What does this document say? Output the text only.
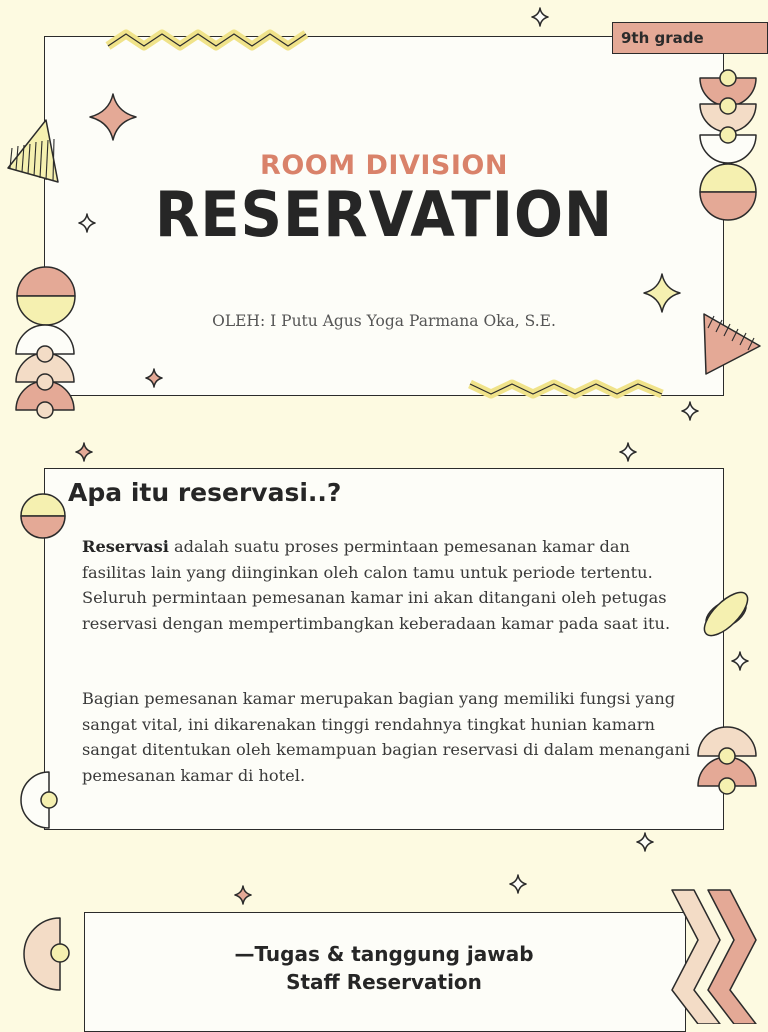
9th grade
ROOM DIVISION
RESERVATION
OLEH: I Putu Agus Yoga Parmana Oka, S.E.
Apa itu reservasi..?
Reservasi adalah suatu proses permintaan pemesanan kamar dan fasilitas lain yang diinginkan oleh calon tamu untuk periode tertentu. Seluruh permintaan pemesanan kamar ini akan ditangani oleh petugas reservasi dengan mempertimbangkan keberadaan kamar pada saat itu.
Bagian pemesanan kamar merupakan bagian yang memiliki fungsi yang sangat vital, ini dikarenakan tinggi rendahnya tingkat hunian kamarn sangat ditentukan oleh kemampuan bagian reservasi di dalam menangani pemesanan kamar di hotel.
—Tugas & tanggung jawab
Staff Reservation
